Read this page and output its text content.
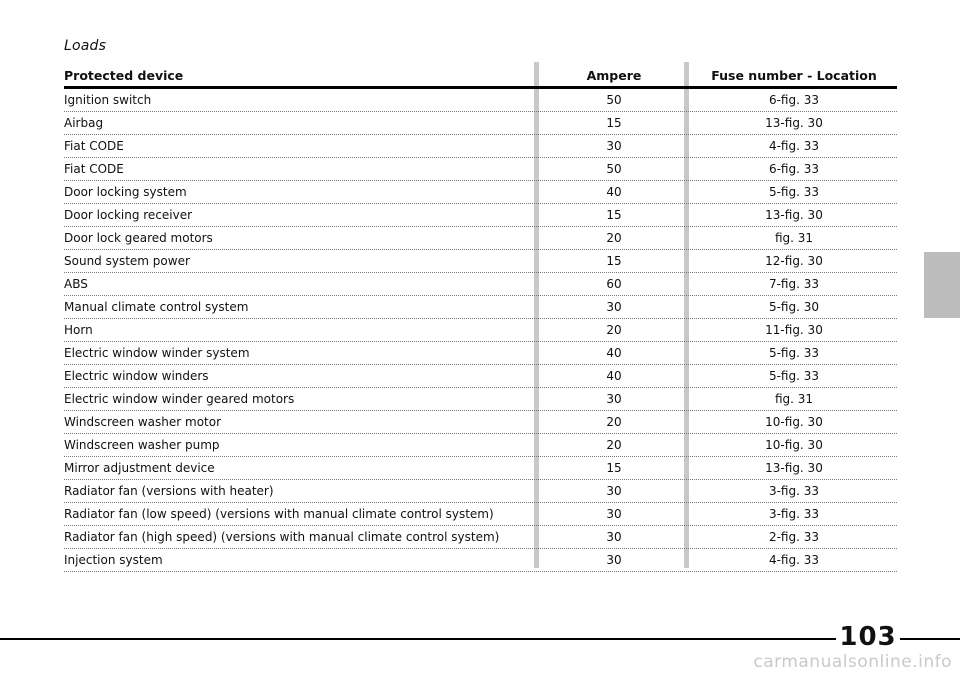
Loads
Protected device	Ampere	Fuse number - Location
Ignition switch	50	6-fig. 33
Airbag	15	13-fig. 30
Fiat CODE	30	4-fig. 33
Fiat CODE	50	6-fig. 33
Door locking system	40	5-fig. 33
Door locking receiver	15	13-fig. 30
Door lock geared motors	20	fig. 31
Sound system power	15	12-fig. 30
ABS	60	7-fig. 33
Manual climate control system	30	5-fig. 30
Horn	20	11-fig. 30
Electric window winder system	40	5-fig. 33
Electric window winders	40	5-fig. 33
Electric window winder geared motors	30	fig. 31
Windscreen washer motor	20	10-fig. 30
Windscreen washer pump	20	10-fig. 30
Mirror adjustment device	15	13-fig. 30
Radiator fan (versions with heater)	30	3-fig. 33
Radiator fan (low speed) (versions with manual climate control system)	30	3-fig. 33
Radiator fan (high speed) (versions with manual climate control system)	30	2-fig. 33
Injection system	30	4-fig. 33
103
carmanualsonline.info
